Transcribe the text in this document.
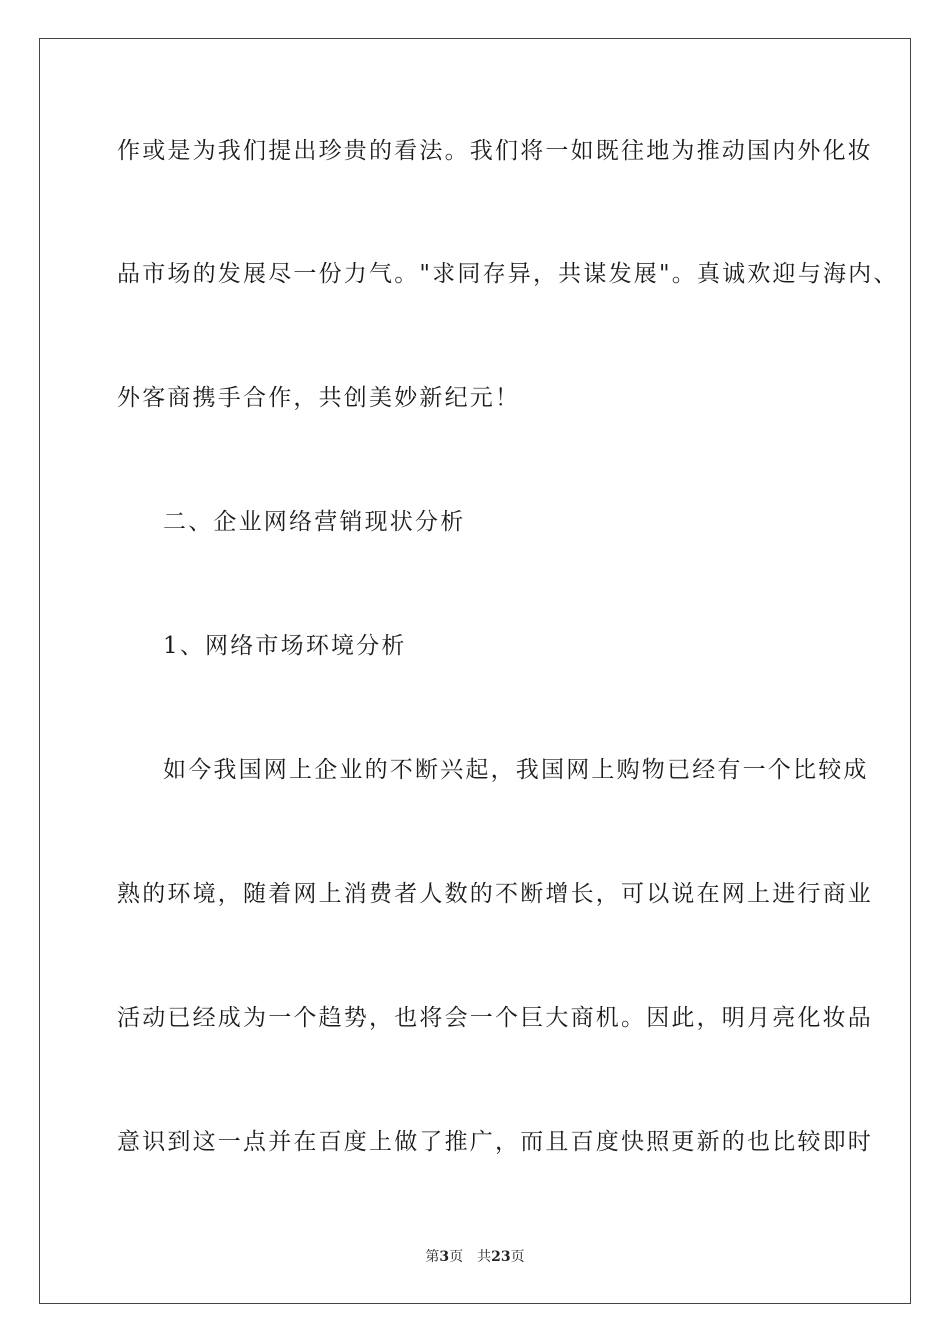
作或是为我们提出珍贵的看法。我们将一如既往地为推动国内外化妆
品市场的发展尽一份力气。"求同存异，共谋发展"。真诚欢迎与海内、
外客商携手合作，共创美妙新纪元！
二、企业网络营销现状分析
1、网络市场环境分析
如今我国网上企业的不断兴起，我国网上购物已经有一个比较成
熟的环境，随着网上消费者人数的不断增长，可以说在网上进行商业
活动已经成为一个趋势，也将会一个巨大商机。因此，明月亮化妆品
意识到这一点并在百度上做了推广，而且百度快照更新的也比较即时
第3页 共23页
